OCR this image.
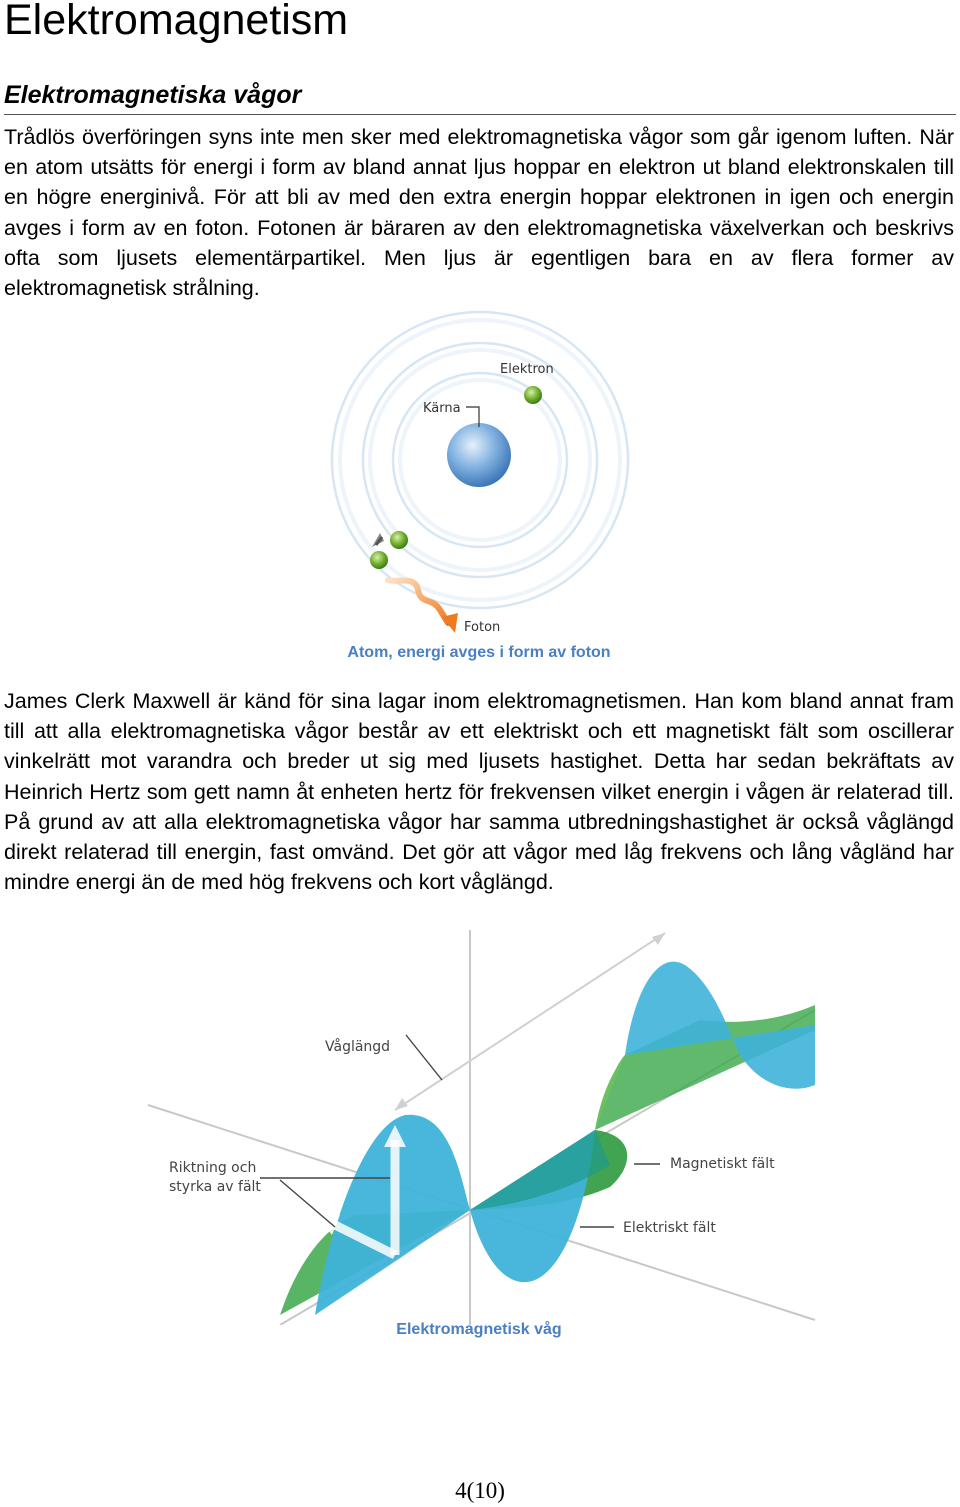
Elektromagnetism
Elektromagnetiska vågor

Trådlös överföringen syns inte men sker med elektromagnetiska vågor som går igenom luften. När en atom utsätts för energi i form av bland annat ljus hoppar en elektron ut bland elektronskalen till en högre energinivå. För att bli av med den extra energin hoppar elektronen in igen och energin avges i form av en foton. Fotonen är bäraren av den elektromagnetiska växelverkan och beskrivs ofta som ljusets elementärpartikel. Men ljus är egentligen bara en av flera former av elektromagnetisk strålning.

Kärna
Elektron
Foton
Atom, energi avges i form av foton

James Clerk Maxwell är känd för sina lagar inom elektromagnetismen. Han kom bland annat fram till att alla elektromagnetiska vågor består av ett elektriskt och ett magnetiskt fält som oscillerar vinkelrätt mot varandra och breder ut sig med ljusets hastighet. Detta har sedan bekräftats av Heinrich Hertz som gett namn åt enheten hertz för frekvensen vilket energin i vågen är relaterad till. På grund av att alla elektromagnetiska vågor har samma utbredningshastighet är också våglängd direkt relaterad till energin, fast omvänd. Det gör att vågor med låg frekvens och lång vågländ har mindre energi än de med hög frekvens och kort våglängd.

Våglängd
Riktning och
styrka av fält
Magnetiskt fält
Elektriskt fält
Elektromagnetisk våg
4(10)
